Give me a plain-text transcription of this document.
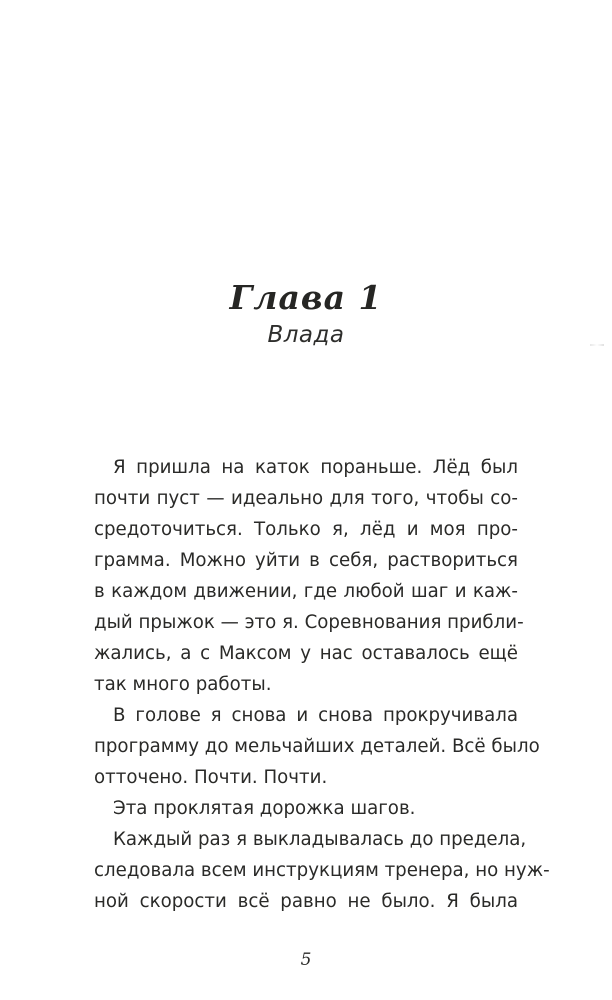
Глава 1
Влада
Я пришла на каток пораньше. Лёд был
почти пуст — идеально для того, чтобы со-
средоточиться. Только я, лёд и моя про-
грамма. Можно уйти в себя, раствориться
в каждом движении, где любой шаг и каж-
дый прыжок — это я. Соревнования прибли-
жались, а с Максом у нас оставалось ещё
так много работы.
В голове я снова и снова прокручивала
программу до мельчайших деталей. Всё было
отточено. Почти. Почти.
Эта проклятая дорожка шагов.
Каждый раз я выкладывалась до предела,
следовала всем инструкциям тренера, но нуж-
ной скорости всё равно не было. Я была
5
